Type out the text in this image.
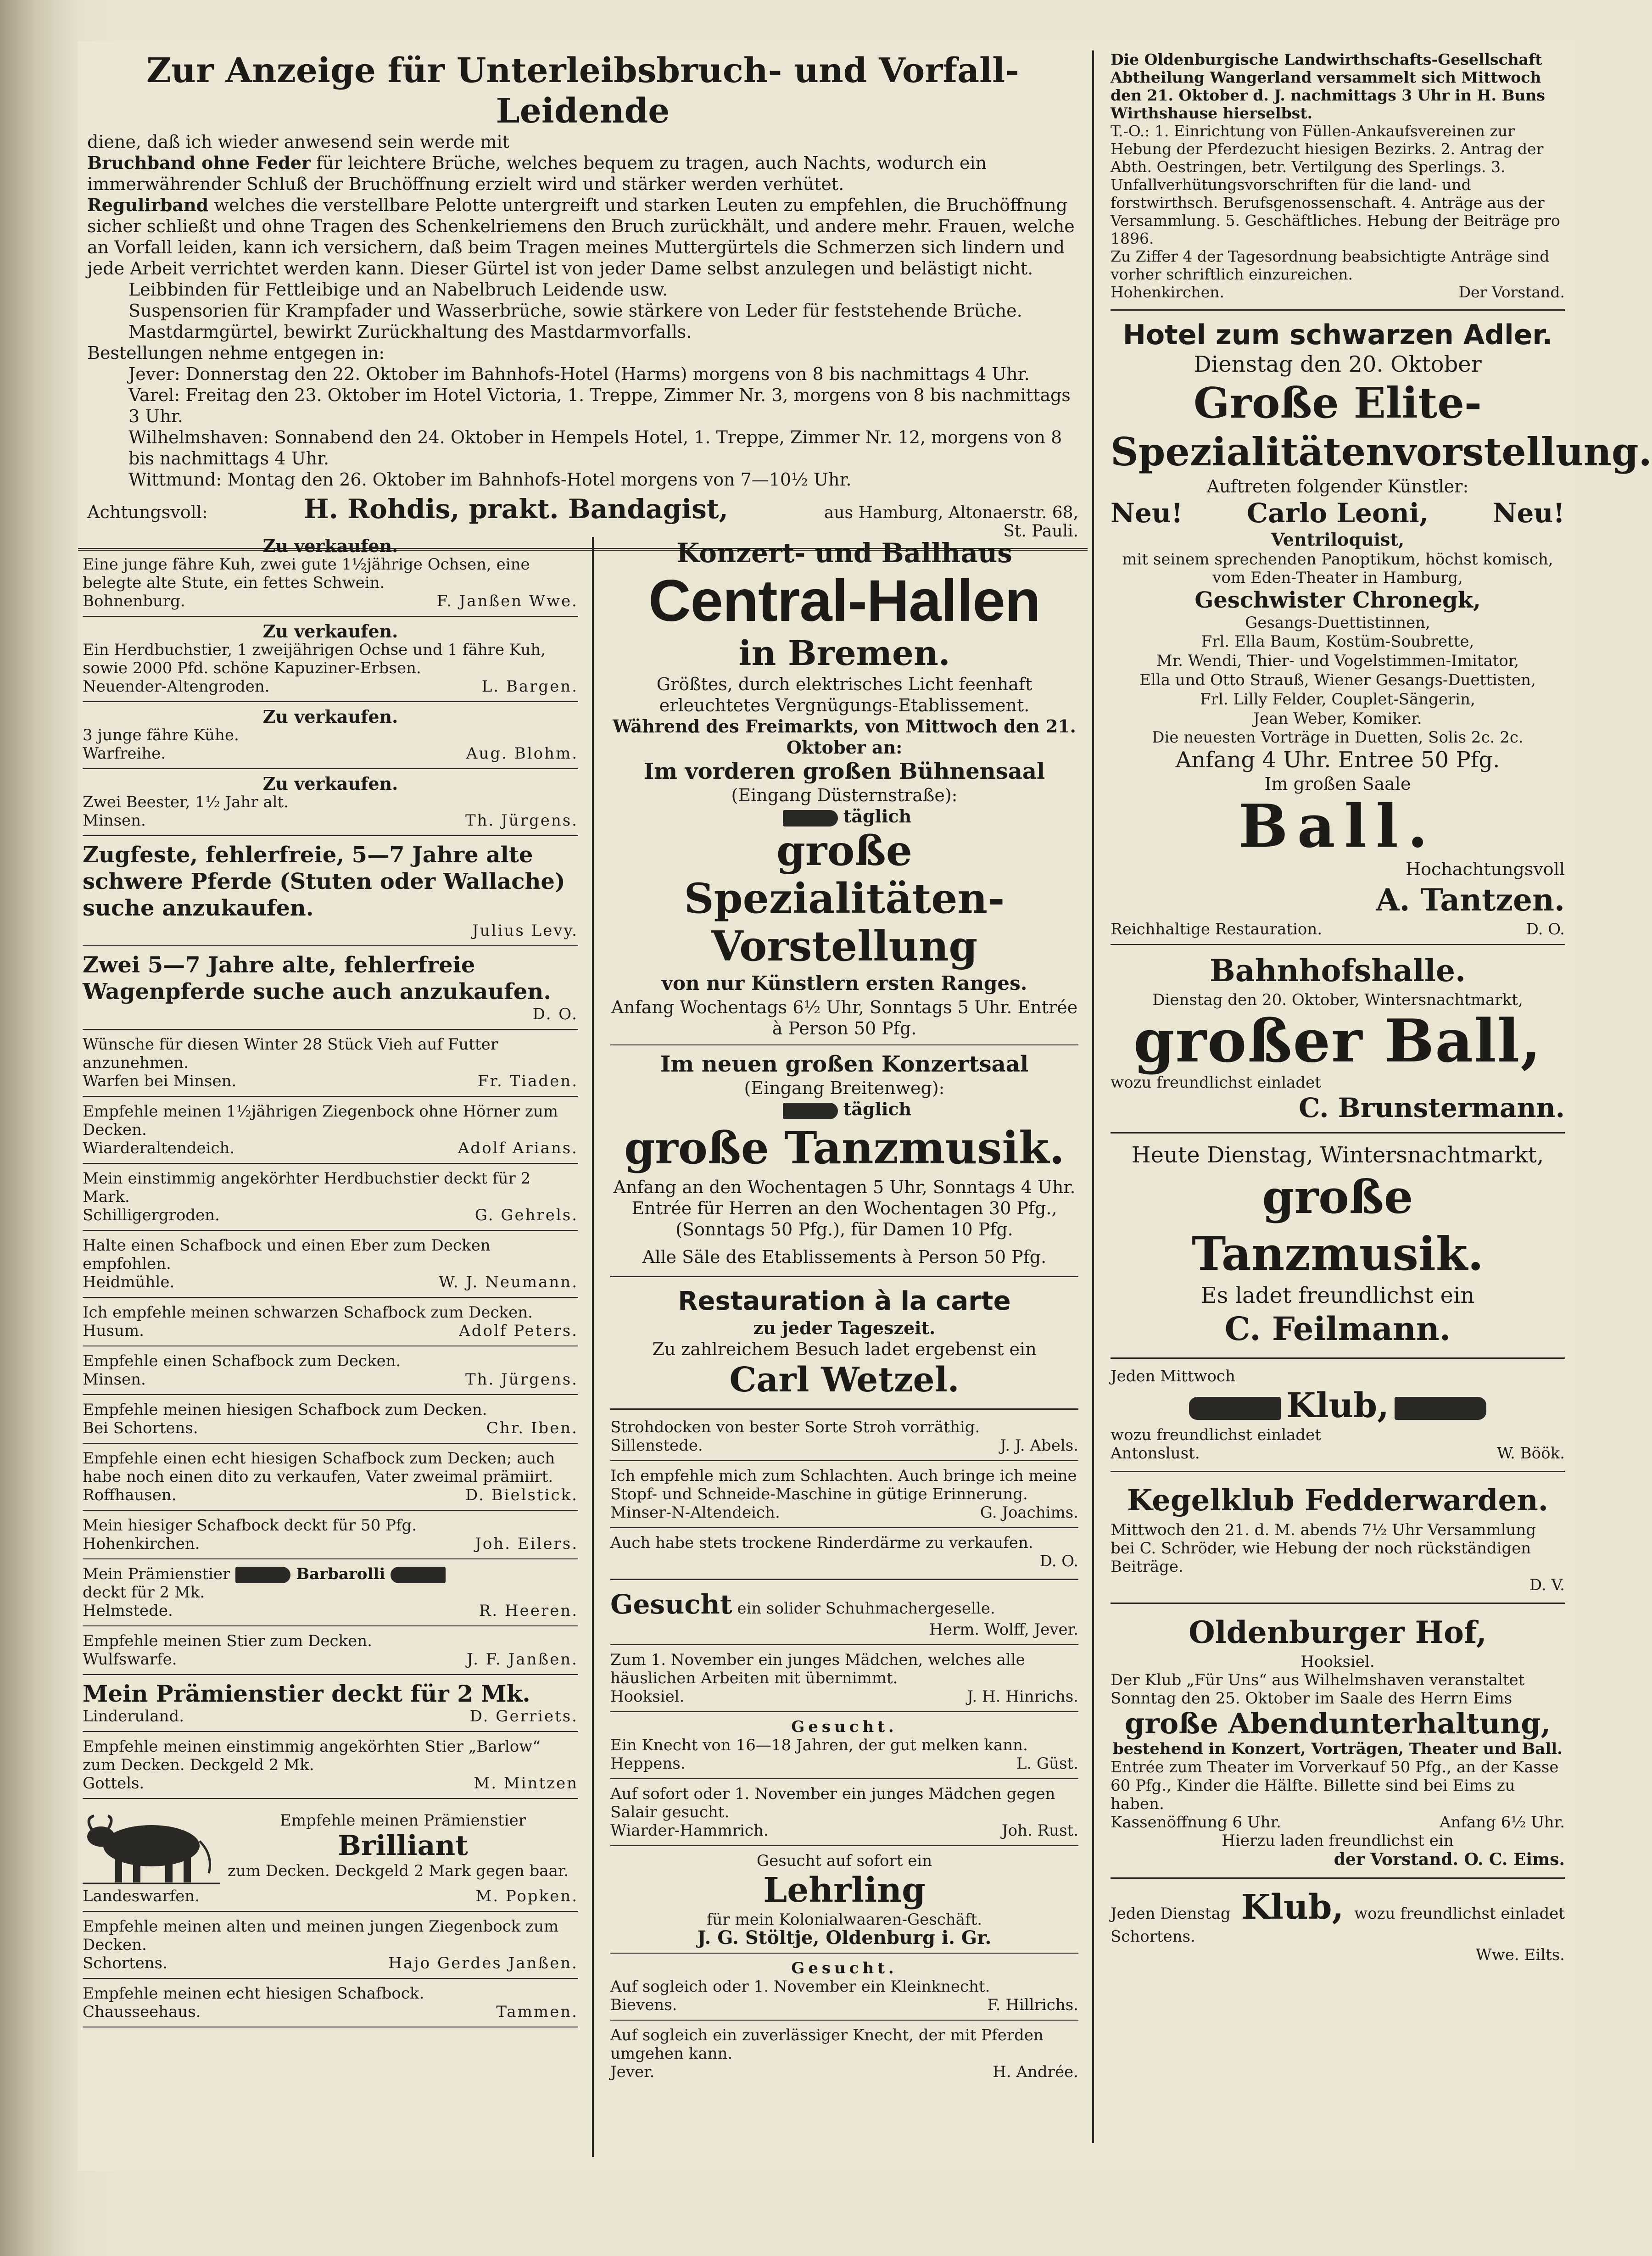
Zur Anzeige für Unterleibsbruch- und Vorfall-Leidende
diene, daß ich wieder anwesend sein werde mit
Bruchband ohne Feder für leichtere Brüche, welches bequem zu tragen, auch Nachts, wodurch ein immerwährender Schluß der Bruchöffnung erzielt wird und stärker werden verhütet.
Regulirband welches die verstellbare Pelotte untergreift und starken Leuten zu empfehlen, die Bruchöffnung sicher schließt und ohne Tragen des Schenkelriemens den Bruch zurückhält, und andere mehr. Frauen, welche an Vorfall leiden, kann ich versichern, daß beim Tragen meines Muttergürtels die Schmerzen sich lindern und jede Arbeit verrichtet werden kann. Dieser Gürtel ist von jeder Dame selbst anzulegen und belästigt nicht.
Leibbinden für Fettleibige und an Nabelbruch Leidende usw.
Suspensorien für Krampfader und Wasserbrüche, sowie stärkere von Leder für feststehende Brüche.
Mastdarmgürtel, bewirkt Zurückhaltung des Mastdarmvorfalls.
Bestellungen nehme entgegen in:
Jever: Donnerstag den 22. Oktober im Bahnhofs-Hotel (Harms) morgens von 8 bis nachmittags 4 Uhr.
Varel: Freitag den 23. Oktober im Hotel Victoria, 1. Treppe, Zimmer Nr. 3, morgens von 8 bis nachmittags 3 Uhr.
Wilhelmshaven: Sonnabend den 24. Oktober in Hempels Hotel, 1. Treppe, Zimmer Nr. 12, morgens von 8 bis nachmittags 4 Uhr.
Wittmund: Montag den 26. Oktober im Bahnhofs-Hotel morgens von 7—10½ Uhr.
Achtungsvoll:	H. Rohdis, prakt. Bandagist,	aus Hamburg, Altonaerstr. 68,
St. Pauli.
Zu verkaufen.
Eine junge fähre Kuh, zwei gute 1½jährige Ochsen, eine belegte alte Stute, ein fettes Schwein.
Bohnenburg.	F. Janßen Wwe.
Zu verkaufen.
Ein Herdbuchstier, 1 zweijährigen Ochse und 1 fähre Kuh, sowie 2000 Pfd. schöne Kapuziner-Erbsen.
Neuender-Altengroden.	L. Bargen.
Zu verkaufen.
3 junge fähre Kühe.
Warfreihe.	Aug. Blohm.
Zu verkaufen.
Zwei Beester, 1½ Jahr alt.
Minsen.	Th. Jürgens.
Zugfeste, fehlerfreie, 5—7 Jahre alte schwere Pferde (Stuten oder Wallache) suche anzukaufen.
Julius Levy.
Zwei 5—7 Jahre alte, fehlerfreie Wagenpferde suche auch anzukaufen.
D. O.
Wünsche für diesen Winter 28 Stück Vieh auf Futter anzunehmen.
Warfen bei Minsen.	Fr. Tiaden.
Empfehle meinen 1½jährigen Ziegenbock ohne Hörner zum Decken.
Wiarderaltendeich.	Adolf Arians.
Mein einstimmig angekörhter Herdbuchstier deckt für 2 Mark.
Schilligergroden.	G. Gehrels.
Halte einen Schafbock und einen Eber zum Decken empfohlen.
Heidmühle.	W. J. Neumann.
Ich empfehle meinen schwarzen Schafbock zum Decken.
Husum.	Adolf Peters.
Empfehle einen Schafbock zum Decken.
Minsen.	Th. Jürgens.
Empfehle meinen hiesigen Schafbock zum Decken.
Bei Schortens.	Chr. Iben.
Empfehle einen echt hiesigen Schafbock zum Decken; auch habe noch einen dito zu verkaufen, Vater zweimal prämiirt.
Roffhausen.	D. Bielstick.
Mein hiesiger Schafbock deckt für 50 Pfg.
Hohenkirchen.	Joh. Eilers.
Mein Prämienstier	Barbarolli
deckt für 2 Mk.
Helmstede.	R. Heeren.
Empfehle meinen Stier zum Decken.
Wulfswarfe.	J. F. Janßen.
Mein Prämienstier deckt für 2 Mk.
Linderuland.	D. Gerriets.
Empfehle meinen einstimmig angekörhten Stier „Barlow“ zum Decken. Deckgeld 2 Mk.
Gottels.	M. Mintzen
Empfehle meinen Prämienstier
Brilliant
zum Decken. Deckgeld 2 Mark gegen baar.
Landeswarfen.	M. Popken.
Empfehle meinen alten und meinen jungen Ziegenbock zum Decken.
Schortens.	Hajo Gerdes Janßen.
Empfehle meinen echt hiesigen Schafbock.
Chausseehaus.	Tammen.
Konzert- und Ballhaus
Central-Hallen
in Bremen.
Größtes, durch elektrisches Licht feenhaft erleuchtetes Vergnügungs-Etablissement.
Während des Freimarkts, von Mittwoch den 21. Oktober an:
Im vorderen großen Bühnensaal
(Eingang Düsternstraße):
täglich
große Spezialitäten-Vorstellung
von nur Künstlern ersten Ranges.
Anfang Wochentags 6½ Uhr, Sonntags 5 Uhr. Entrée à Person 50 Pfg.
Im neuen großen Konzertsaal
(Eingang Breitenweg):
täglich
große Tanzmusik.
Anfang an den Wochentagen 5 Uhr, Sonntags 4 Uhr. Entrée für Herren an den Wochentagen 30 Pfg., (Sonntags 50 Pfg.), für Damen 10 Pfg.
Alle Säle des Etablissements à Person 50 Pfg.
Restauration à la carte
zu jeder Tageszeit.
Zu zahlreichem Besuch ladet ergebenst ein
Carl Wetzel.
Strohdocken von bester Sorte Stroh vorräthig.
Sillenstede.	J. J. Abels.
Ich empfehle mich zum Schlachten. Auch bringe ich meine Stopf- und Schneide-Maschine in gütige Erinnerung.
Minser-N-Altendeich.	G. Joachims.
Auch habe stets trockene Rinderdärme zu verkaufen.
D. O.
Gesucht ein solider Schuhmachergeselle.
Herm. Wolff, Jever.
Zum 1. November ein junges Mädchen, welches alle häuslichen Arbeiten mit übernimmt.
Hooksiel.	J. H. Hinrichs.
Gesucht.
Ein Knecht von 16—18 Jahren, der gut melken kann.
Heppens.	L. Güst.
Auf sofort oder 1. November ein junges Mädchen gegen Salair gesucht.
Wiarder-Hammrich.	Joh. Rust.
Gesucht auf sofort ein
Lehrling
für mein Kolonialwaaren-Geschäft.
J. G. Stöltje, Oldenburg i. Gr.
Gesucht.
Auf sogleich oder 1. November ein Kleinknecht.
Bievens.	F. Hillrichs.
Auf sogleich ein zuverlässiger Knecht, der mit Pferden umgehen kann.
Jever.	H. Andrée.
Die Oldenburgische Landwirthschafts-Gesellschaft Abtheilung Wangerland versammelt sich Mittwoch den 21. Oktober d. J. nachmittags 3 Uhr in H. Buns Wirthshause hierselbst.
T.-O.: 1. Einrichtung von Füllen-Ankaufsvereinen zur Hebung der Pferdezucht hiesigen Bezirks. 2. Antrag der Abth. Oestringen, betr. Vertilgung des Sperlings. 3. Unfallverhütungsvorschriften für die land- und forstwirthsch. Berufsgenossenschaft. 4. Anträge aus der Versammlung. 5. Geschäftliches. Hebung der Beiträge pro 1896.
Zu Ziffer 4 der Tagesordnung beabsichtigte Anträge sind vorher schriftlich einzureichen.
Hohenkirchen.	Der Vorstand.
Hotel zum schwarzen Adler.
Dienstag den 20. Oktober
Große Elite-
Spezialitätenvorstellung.
Auftreten folgender Künstler:
Neu! Carlo Leoni, Neu!
Ventriloquist,
mit seinem sprechenden Panoptikum, höchst komisch, vom Eden-Theater in Hamburg,
Geschwister Chronegk,
Gesangs-Duettistinnen,
Frl. Ella Baum, Kostüm-Soubrette,
Mr. Wendi, Thier- und Vogelstimmen-Imitator,
Ella und Otto Strauß, Wiener Gesangs-Duettisten,
Frl. Lilly Felder, Couplet-Sängerin,
Jean Weber, Komiker.
Die neuesten Vorträge in Duetten, Solis 2c. 2c.
Anfang 4 Uhr. Entree 50 Pfg.
Im großen Saale
Ball.
Hochachtungsvoll
A. Tantzen.
Reichhaltige Restauration.	D. O.
Bahnhofshalle.
Dienstag den 20. Oktober, Wintersnachtmarkt,
großer Ball,
wozu freundlichst einladet
C. Brunstermann.
Heute Dienstag, Wintersnachtmarkt,
große Tanzmusik.
Es ladet freundlichst ein
C. Feilmann.
Jeden Mittwoch
Klub,
wozu freundlichst einladet
Antonslust.	W. Böök.
Kegelklub Fedderwarden.
Mittwoch den 21. d. M. abends 7½ Uhr Versammlung bei C. Schröder, wie Hebung der noch rückständigen Beiträge.
D. V.
Oldenburger Hof,
Hooksiel.
Der Klub „Für Uns“ aus Wilhelmshaven veranstaltet Sonntag den 25. Oktober im Saale des Herrn Eims
große Abendunterhaltung,
bestehend in Konzert, Vorträgen, Theater und Ball.
Entrée zum Theater im Vorverkauf 50 Pfg., an der Kasse 60 Pfg., Kinder die Hälfte. Billette sind bei Eims zu haben.
Kassenöffnung 6 Uhr.	Anfang 6½ Uhr.
Hierzu laden freundlichst ein
der Vorstand. O. C. Eims.
Jeden Dienstag Klub, wozu freundlichst einladet
Schortens.
Wwe. Eilts.
